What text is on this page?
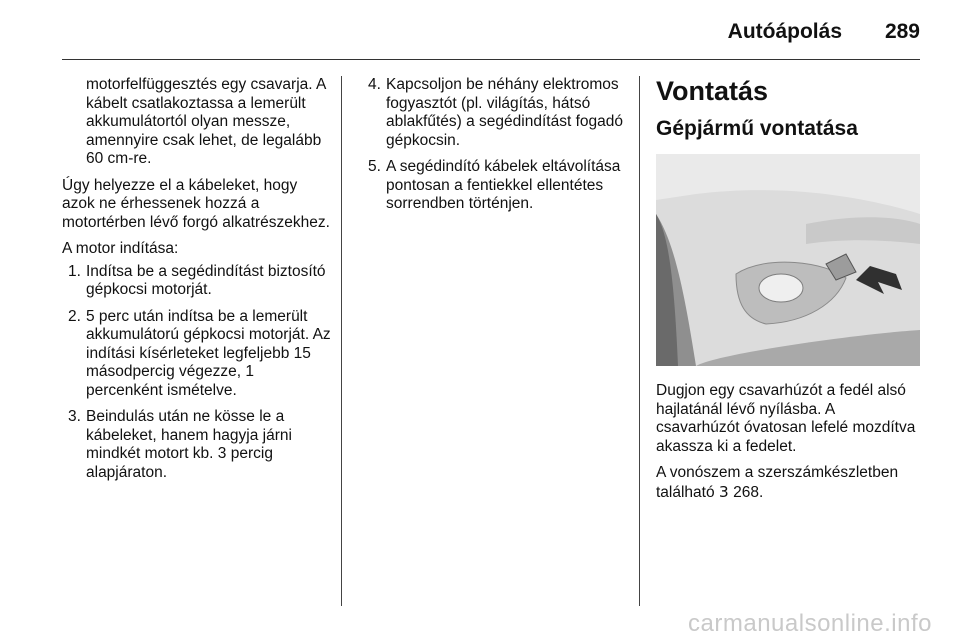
Autóápolás 289

motorfelfüggesztés egy csavarja. A kábelt csatlakoztassa a lemerült akkumulátortól olyan messze, amennyire csak lehet, de legalább 60 cm-re.

Úgy helyezze el a kábeleket, hogy azok ne érhessenek hozzá a motortérben lévő forgó alkatrészekhez.

A motor indítása:

1. Indítsa be a segédindítást biztosító gépkocsi motorját.
2. 5 perc után indítsa be a lemerült akkumulátorú gépkocsi motorját. Az indítási kísérleteket legfeljebb 15 másodpercig végezze, 1 percenként ismételve.
3. Beindulás után ne kösse le a kábeleket, hanem hagyja járni mindkét motort kb. 3 percig alapjáraton.
4. Kapcsoljon be néhány elektromos fogyasztót (pl. világítás, hátsó ablakfűtés) a segédindítást fogadó gépkocsin.
5. A segédindító kábelek eltávolítása pontosan a fentiekkel ellentétes sorrendben történjen.
Vontatás
Gépjármű vontatása

Dugjon egy csavarhúzót a fedél alsó hajlatánál lévő nyílásba. A csavarhúzót óvatosan lefelé mozdítva akassza ki a fedelet.

A vonószem a szerszámkészletben található 3 268.

carmanualsonline.info
